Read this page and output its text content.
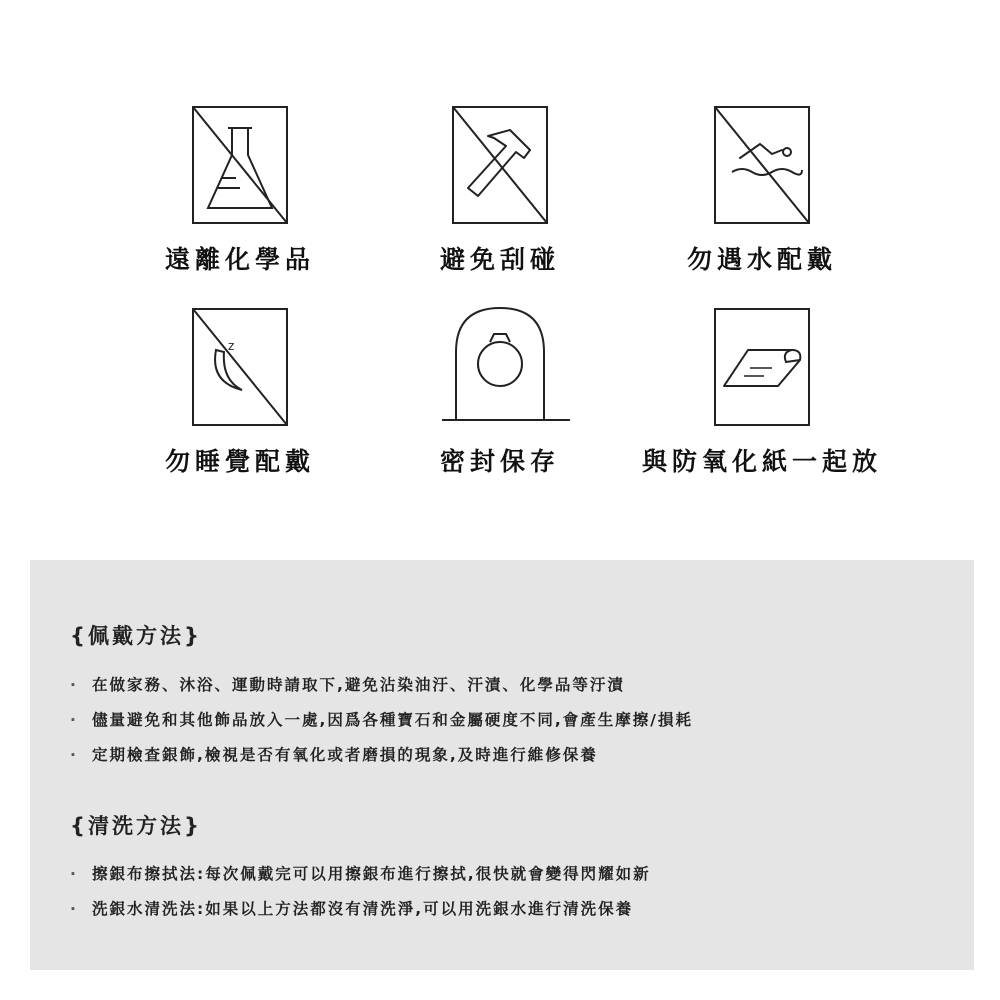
遠離化學品	避免刮碰	勿遇水配戴
z
勿睡覺配戴	密封保存	與防氧化紙一起放
{佩戴方法}
· 在做家務、沐浴、運動時請取下,避免沾染油汙、汗漬、化學品等汙漬
· 儘量避免和其他飾品放入一處,因爲各種寶石和金屬硬度不同,會產生摩擦/損耗
· 定期檢查銀飾,檢視是否有氧化或者磨損的現象,及時進行維修保養
{清洗方法}
· 擦銀布擦拭法:每次佩戴完可以用擦銀布進行擦拭,很快就會變得閃耀如新
· 洗銀水清洗法:如果以上方法都沒有清洗淨,可以用洗銀水進行清洗保養
